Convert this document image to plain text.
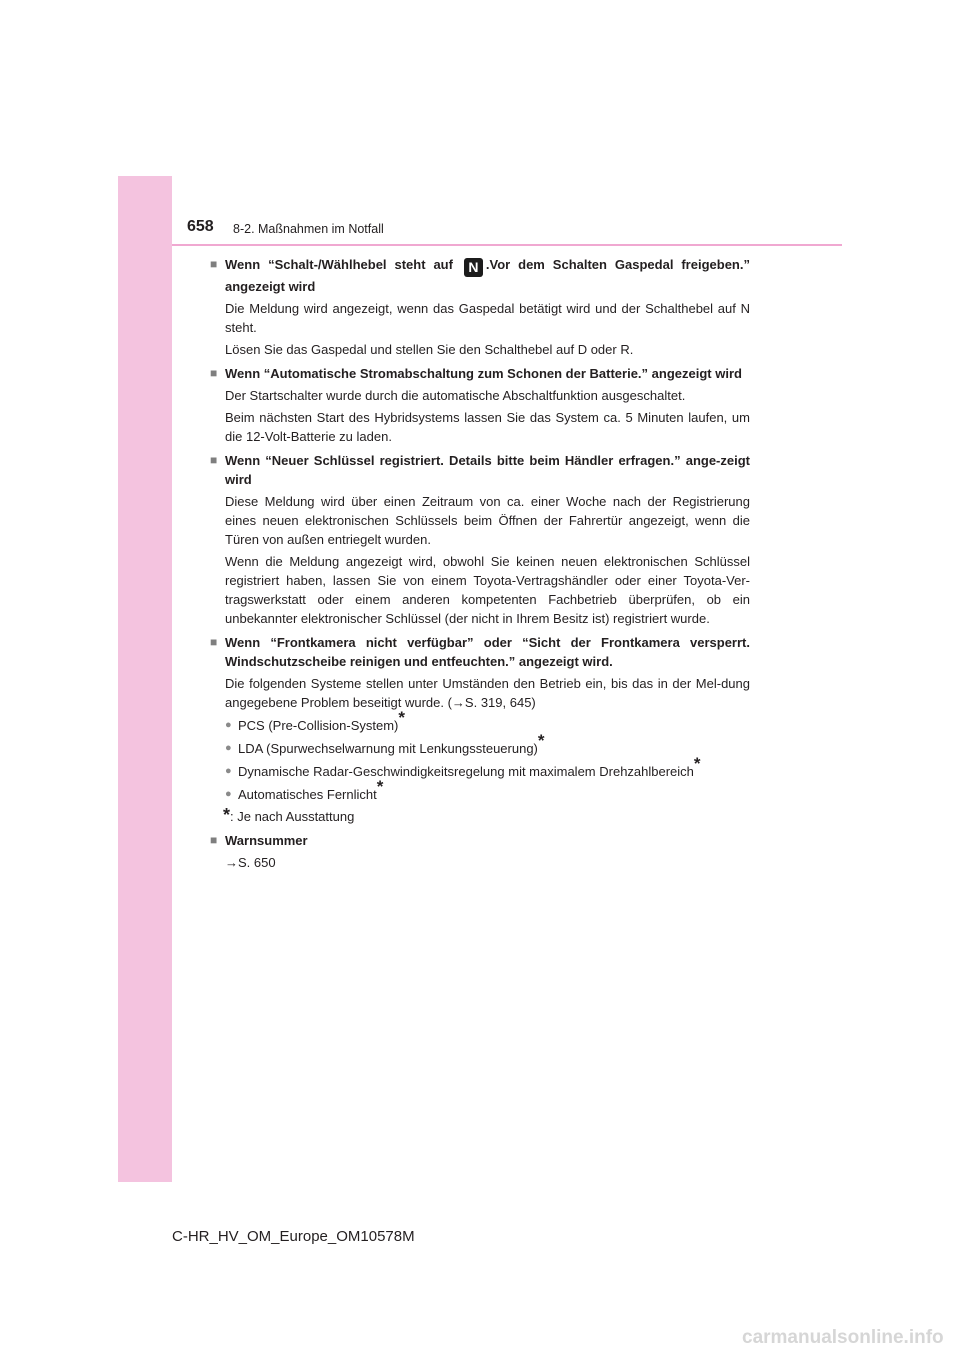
658 8-2. Maßnahmen im Notfall
■ Wenn “Schalt-/Wählhebel steht auf N .Vor dem Schalten Gaspedal freigeben.” angezeigt wird
Die Meldung wird angezeigt, wenn das Gaspedal betätigt wird und der Schalthebel auf N steht.
Lösen Sie das Gaspedal und stellen Sie den Schalthebel auf D oder R.
■ Wenn “Automatische Stromabschaltung zum Schonen der Batterie.” angezeigt wird
Der Startschalter wurde durch die automatische Abschaltfunktion ausgeschaltet.
Beim nächsten Start des Hybridsystems lassen Sie das System ca. 5 Minuten laufen, um die 12-Volt-Batterie zu laden.
■ Wenn “Neuer Schlüssel registriert. Details bitte beim Händler erfragen.” ange-zeigt wird
Diese Meldung wird über einen Zeitraum von ca. einer Woche nach der Registrierung eines neuen elektronischen Schlüssels beim Öffnen der Fahrertür angezeigt, wenn die Türen von außen entriegelt wurden.
Wenn die Meldung angezeigt wird, obwohl Sie keinen neuen elektronischen Schlüssel registriert haben, lassen Sie von einem Toyota-Vertragshändler oder einer Toyota-Ver-tragswerkstatt oder einem anderen kompetenten Fachbetrieb überprüfen, ob ein unbekannter elektronischer Schlüssel (der nicht in Ihrem Besitz ist) registriert wurde.
■ Wenn “Frontkamera nicht verfügbar” oder “Sicht der Frontkamera versperrt. Windschutzscheibe reinigen und entfeuchten.” angezeigt wird.
Die folgenden Systeme stellen unter Umständen den Betrieb ein, bis das in der Mel-dung angegebene Problem beseitigt wurde. (→S. 319, 645)
● PCS (Pre-Collision-System)*
● LDA (Spurwechselwarnung mit Lenkungssteuerung)*
● Dynamische Radar-Geschwindigkeitsregelung mit maximalem Drehzahlbereich*
● Automatisches Fernlicht*
*: Je nach Ausstattung
■ Warnsummer
→S. 650
C-HR_HV_OM_Europe_OM10578M
carmanualsonline.info
